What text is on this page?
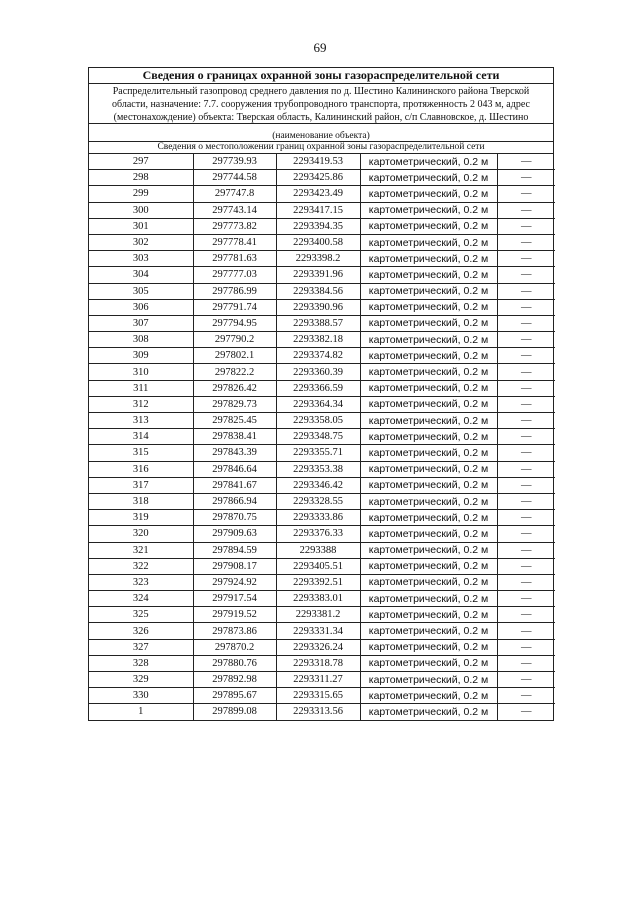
69
Сведения о границах охранной зоны газораспределительной сети
Распределительный газопровод среднего давления по д. Шестино Калининского района Тверской области, назначение: 7.7. сооружения трубопроводного транспорта, протяженность 2 043 м, адрес (местонахождение) объекта: Тверская область, Калининский район, с/п Славновское, д. Шестино
(наименование объекта)
Сведения о местоположении границ охранной зоны газораспределительной сети
297	297739.93	2293419.53	картометрический, 0.2 м	—
298	297744.58	2293425.86	картометрический, 0.2 м	—
299	297747.8	2293423.49	картометрический, 0.2 м	—
300	297743.14	2293417.15	картометрический, 0.2 м	—
301	297773.82	2293394.35	картометрический, 0.2 м	—
302	297778.41	2293400.58	картометрический, 0.2 м	—
303	297781.63	2293398.2	картометрический, 0.2 м	—
304	297777.03	2293391.96	картометрический, 0.2 м	—
305	297786.99	2293384.56	картометрический, 0.2 м	—
306	297791.74	2293390.96	картометрический, 0.2 м	—
307	297794.95	2293388.57	картометрический, 0.2 м	—
308	297790.2	2293382.18	картометрический, 0.2 м	—
309	297802.1	2293374.82	картометрический, 0.2 м	—
310	297822.2	2293360.39	картометрический, 0.2 м	—
311	297826.42	2293366.59	картометрический, 0.2 м	—
312	297829.73	2293364.34	картометрический, 0.2 м	—
313	297825.45	2293358.05	картометрический, 0.2 м	—
314	297838.41	2293348.75	картометрический, 0.2 м	—
315	297843.39	2293355.71	картометрический, 0.2 м	—
316	297846.64	2293353.38	картометрический, 0.2 м	—
317	297841.67	2293346.42	картометрический, 0.2 м	—
318	297866.94	2293328.55	картометрический, 0.2 м	—
319	297870.75	2293333.86	картометрический, 0.2 м	—
320	297909.63	2293376.33	картометрический, 0.2 м	—
321	297894.59	2293388	картометрический, 0.2 м	—
322	297908.17	2293405.51	картометрический, 0.2 м	—
323	297924.92	2293392.51	картометрический, 0.2 м	—
324	297917.54	2293383.01	картометрический, 0.2 м	—
325	297919.52	2293381.2	картометрический, 0.2 м	—
326	297873.86	2293331.34	картометрический, 0.2 м	—
327	297870.2	2293326.24	картометрический, 0.2 м	—
328	297880.76	2293318.78	картометрический, 0.2 м	—
329	297892.98	2293311.27	картометрический, 0.2 м	—
330	297895.67	2293315.65	картометрический, 0.2 м	—
1	297899.08	2293313.56	картометрический, 0.2 м	—
